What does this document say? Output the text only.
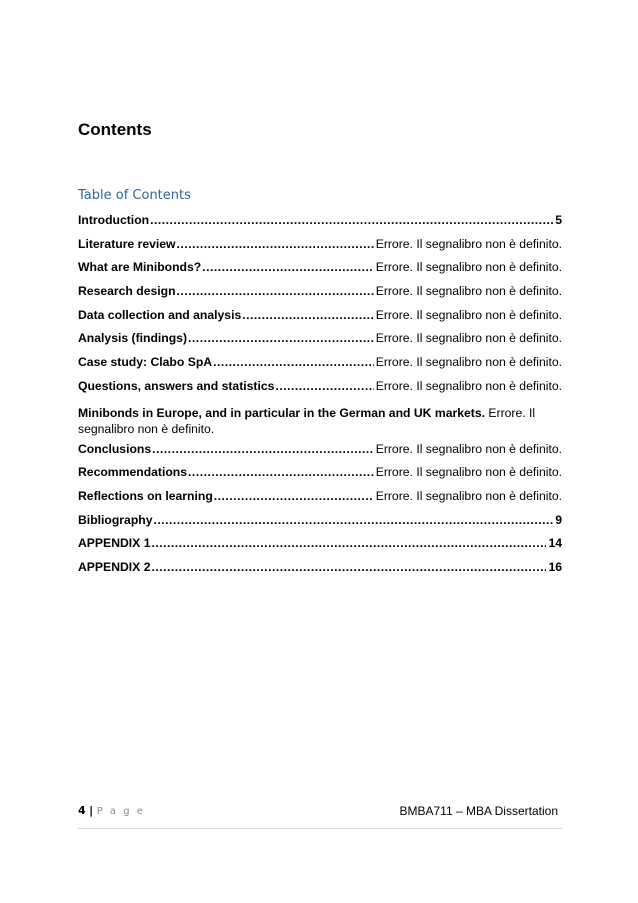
Contents
Table of Contents
Introduction .....	5
Literature review .....	Errore. Il segnalibro non è definito.
What are Minibonds? .....	Errore. Il segnalibro non è definito.
Research design .....	Errore. Il segnalibro non è definito.
Data collection and analysis .....	Errore. Il segnalibro non è definito.
Analysis (findings) .....	Errore. Il segnalibro non è definito.
Case study: Clabo SpA .....	Errore. Il segnalibro non è definito.
Questions, answers and statistics .....	Errore. Il segnalibro non è definito.
Minibonds in Europe, and in particular in the German and UK markets. Errore. Il segnalibro non è definito.
Conclusions .....	Errore. Il segnalibro non è definito.
Recommendations .....	Errore. Il segnalibro non è definito.
Reflections on learning .....	Errore. Il segnalibro non è definito.
Bibliography .....	9
APPENDIX 1 .....	14
APPENDIX 2 .....	16
4 | P a g e	BMBA711 – MBA Dissertation
